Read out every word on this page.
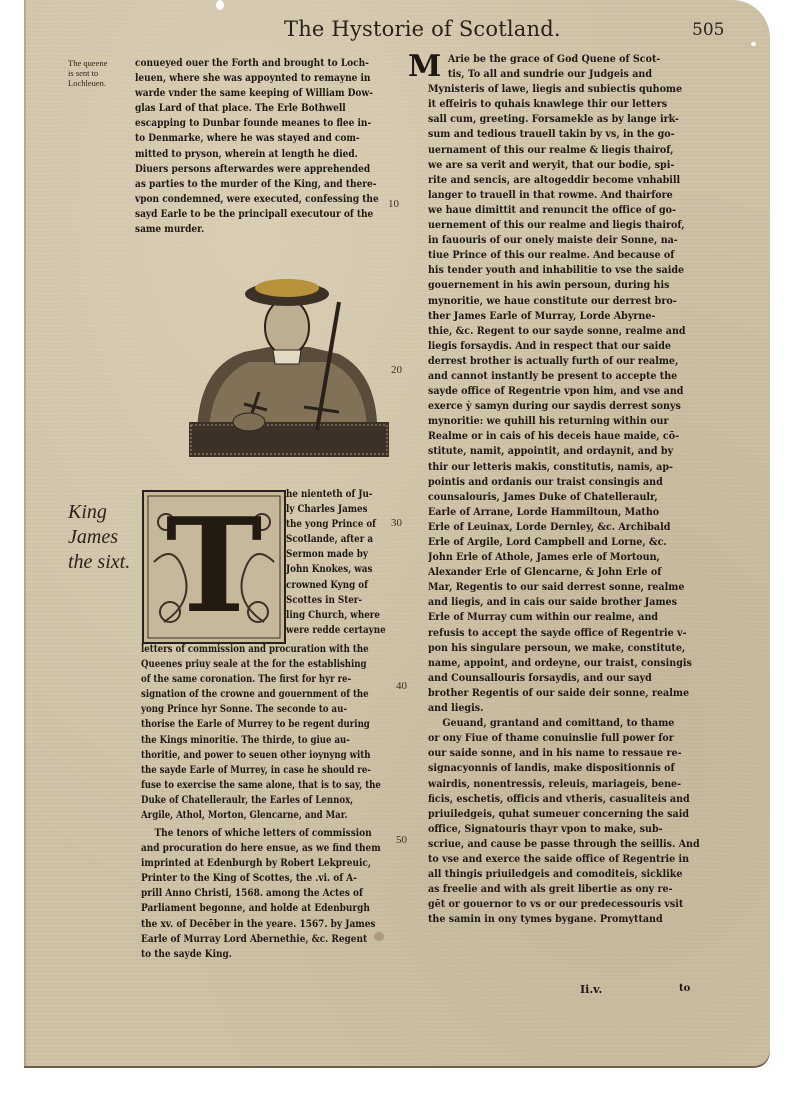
The Hystorie of Scotland.	505
The queene
is sent to
Lochleuen.
conueyed ouer the Forth and brought to Loch-
leuen, where she was appoynted to remayne in
warde vnder the same keeping of William Dow-
glas Lard of that place. The Erle Bothwell
escapping to Dunbar founde meanes to flee in-
to Denmarke, where he was stayed and com-
mitted to pryson, wherein at length he died.
Diuers persons afterwardes were apprehended
as parties to the murder of the King, and there-
vpon condemned, were executed, confessing the
sayd Earle to be the principall executour of the
same murder.
10
King
James
the sixt. T	he nienteth of Ju-
ly Charles James
the yong Prince of
Scotlande, after a
Sermon made by
John Knokes, was
crowned Kyng of
Scottes in Ster-
ling Church, where
were redde certayne
letters of commission and procuration with the
Queenes priuy seale at the for the establishing
of the same coronation. The first for hyr re-
signation of the crowne and gouernment of the
yong Prince hyr Sonne. The seconde to au-
thorise the Earle of Murrey to be regent during
the Kings minoritie. The thirde, to giue au-
thoritie, and power to seuen other ioynyng with
the sayde Earle of Murrey, in case he should re-
fuse to exercise the same alone, that is to say, the
Duke of Chatelleraulr, the Earles of Lennox,
Argile, Athol, Morton, Glencarne, and Mar.
The tenors of whiche letters of commission
and procuration do here ensue, as we find them
imprinted at Edenburgh by Robert Lekpreuic,
Printer to the King of Scottes, the .vi. of A-
prill Anno Christi, 1568. among the Actes of
Parliament begonne, and holde at Edenburgh
the xv. of Decēber in the yeare. 1567. by James
Earle of Murray Lord Abernethie, &c. Regent
to the sayde King.
20
30
40
50
M Arie be the grace of God Quene of Scot-
tis, To all and sundrie our Judgeis and
Mynisteris of lawe, liegis and subiectis quhome
it effeiris to quhais knawlege thir our letters
sall cum, greeting. Forsamekle as by lange irk-
sum and tedious trauell takin by vs, in the go-
uernament of this our realme & liegis thairof,
we are sa verit and weryit, that our bodie, spi-
rite and sencis, are altogeddir become vnhabill
langer to trauell in that rowme. And thairfore
we haue dimittit and renuncit the office of go-
uernement of this our realme and liegis thairof,
in fauouris of our onely maiste deir Sonne, na-
tiue Prince of this our realme. And because of
his tender youth and inhabilitie to vse the saide
gouernement in his awin persoun, during his
mynoritie, we haue constitute our derrest bro-
ther James Earle of Murray, Lorde Abyrne-
thie, &c. Regent to our sayde sonne, realme and
liegis forsaydis. And in respect that our saide
derrest brother is actually furth of our realme,
and cannot instantly be present to accepte the
sayde office of Regentrie vpon him, and vse and
exerce ẏ samyn during our saydis derrest sonys
mynoritie: we quhill his returning within our
Realme or in cais of his deceis haue maide, cō-
stitute, namit, appointit, and ordaynit, and by
thir our letteris makis, constitutis, namis, ap-
pointis and ordanis our traist consingis and
counsalouris, James Duke of Chatelleraulr,
Earle of Arrane, Lorde Hammiltoun, Matho
Erle of Leuinax, Lorde Dernley, &c. Archibald
Erle of Argile, Lord Campbell and Lorne, &c.
John Erle of Athole, James erle of Mortoun,
Alexander Erle of Glencarne, & John Erle of
Mar, Regentis to our said derrest sonne, realme
and liegis, and in cais our saide brother James
Erle of Murray cum within our realme, and
refusis to accept the sayde office of Regentrie v-
pon his singulare persoun, we make, constitute,
name, appoint, and ordeyne, our traist, consingis
and Counsallouris forsaydis, and our sayd
brother Regentis of our saide deir sonne, realme
and liegis.
Geuand, grantand and comittand, to thame
or ony Fiue of thame conuinslie full power for
our saide sonne, and in his name to ressaue re-
signacyonnis of landis, make dispositionnis of
wairdis, nonentressis, releuis, mariageis, bene-
ficis, eschetis, officis and vtheris, casualiteis and
priuiledgeis, quhat sumeuer concerning the said
office, Signatouris thayr vpon to make, sub-
scriue, and cause be passe through the seillis. And
to vse and exerce the saide office of Regentrie in
all thingis priuiledgeis and comoditeis, sicklike
as freelie and with als greit libertie as ony re-
gēt or gouernor to vs or our predecessouris vsit
the samin in ony tymes bygane. Promyttand
Ii.v.	to
